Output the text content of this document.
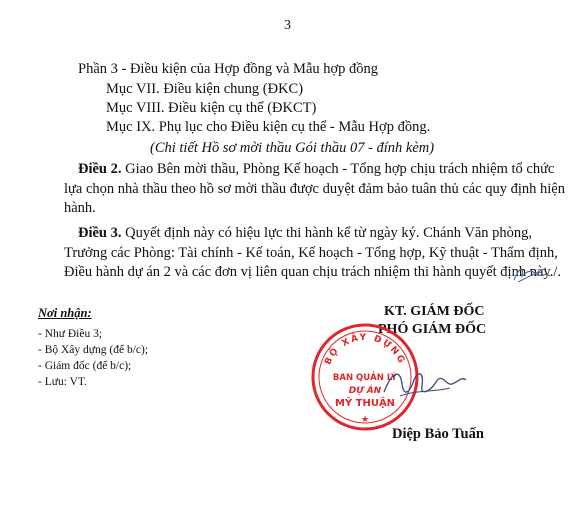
3
Phần 3 - Điều kiện của Hợp đồng và Mẫu hợp đồng
Mục VII. Điều kiện chung (ĐKC)
Mục VIII. Điều kiện cụ thể (ĐKCT)
Mục IX. Phụ lục cho Điều kiện cụ thể - Mẫu Hợp đồng.
(Chi tiết Hồ sơ mời thầu Gói thầu 07 - đính kèm)
Điều 2. Giao Bên mời thầu, Phòng Kế hoạch - Tổng hợp chịu trách nhiệm tổ chức
lựa chọn nhà thầu theo hồ sơ mời thầu được duyệt đảm bảo tuân thủ các quy định hiện
hành.
Điều 3. Quyết định này có hiệu lực thi hành kể từ ngày ký. Chánh Văn phòng,
Trưởng các Phòng: Tài chính - Kế toán, Kế hoạch - Tổng hợp, Kỹ thuật - Thẩm định,
Điều hành dự án 2 và các đơn vị liên quan chịu trách nhiệm thi hành quyết định này./.
Nơi nhận:
- Như Điều 3;
- Bộ Xây dựng (để b/c);
- Giám đốc (để b/c);
- Lưu: VT.
KT. GIÁM ĐỐC
PHÓ GIÁM ĐỐC
BỘ XÂY DỰNG
BAN QUẢN LÝ
DỰ ÁN
MỸ THUẬN
★
Diệp Bảo Tuấn
